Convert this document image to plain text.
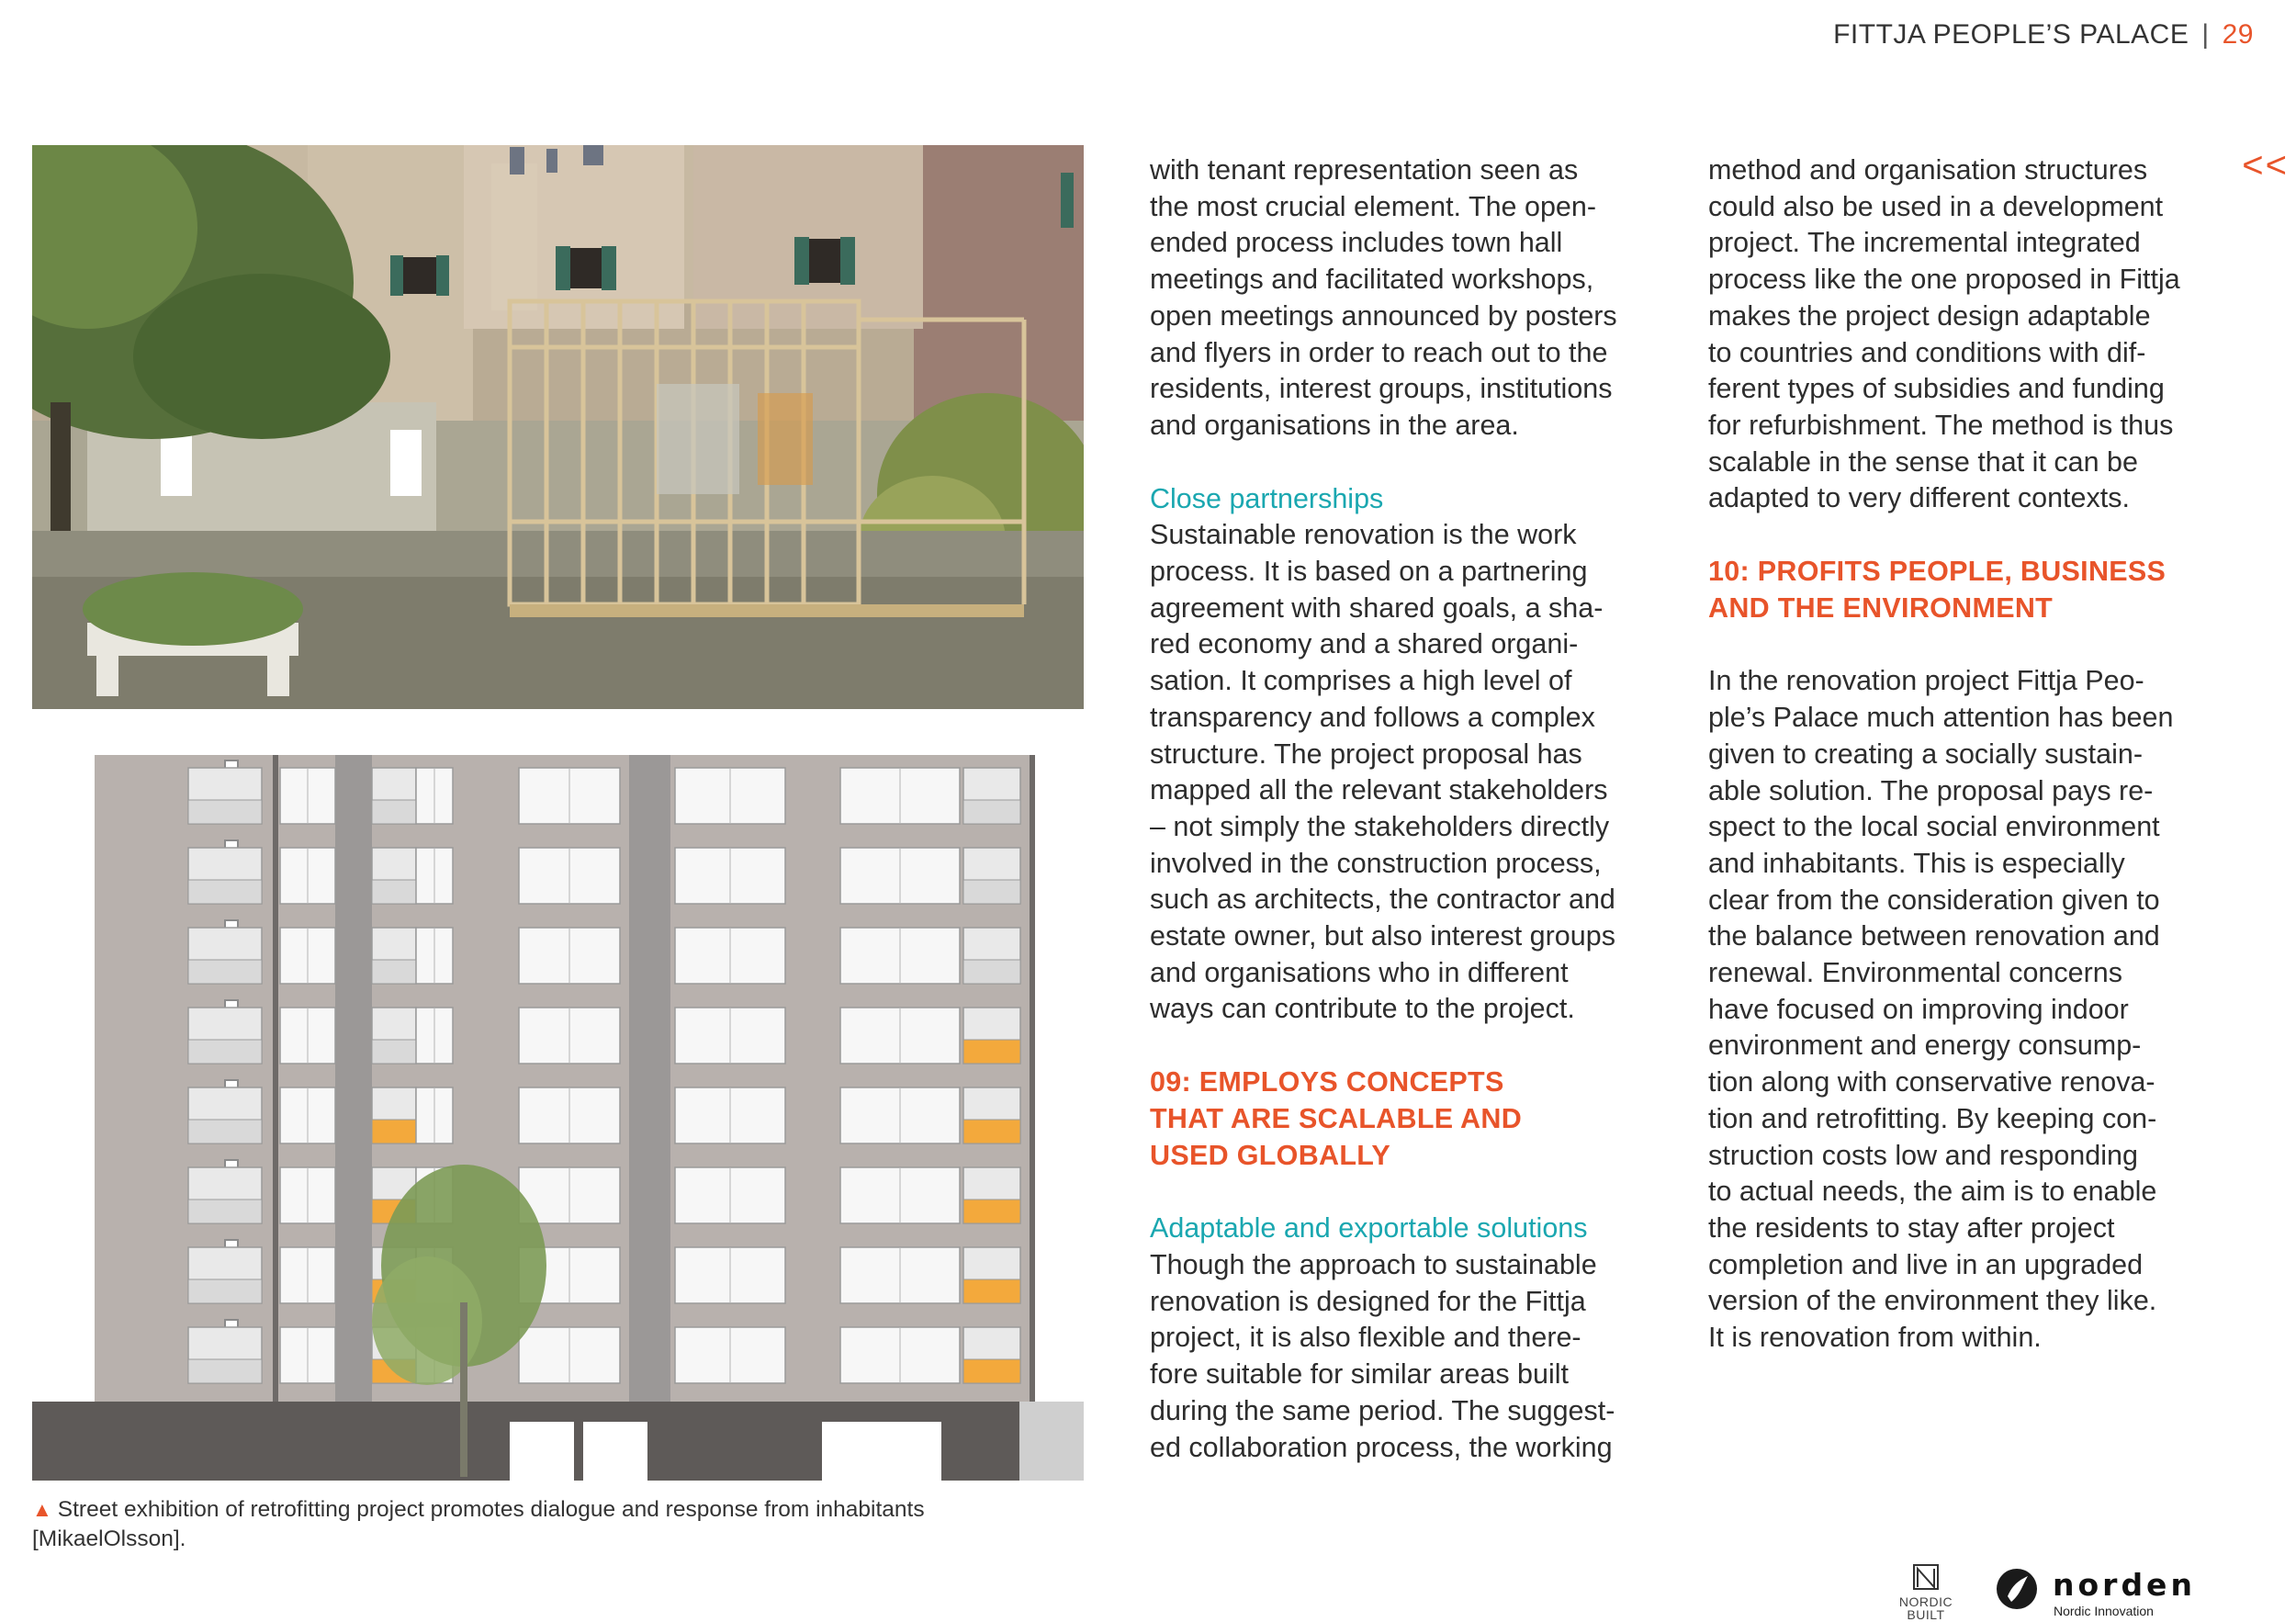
FITTJA PEOPLE’S PALACE | 29
<<

with tenant representation seen as
the most crucial element. The open-
ended process includes town hall
meetings and facilitated workshops,
open meetings announced by posters
and flyers in order to reach out to the
residents, interest groups, institutions
and organisations in the area.

Close partnerships

Sustainable renovation is the work
process. It is based on a partnering
agreement with shared goals, a sha-
red economy and a shared organi-
sation. It comprises a high level of
transparency and follows a complex
structure. The project proposal has
mapped all the relevant stakeholders
– not simply the stakeholders directly
involved in the construction process,
such as architects, the contractor and
estate owner, but also interest groups
and organisations who in different
ways can contribute to the project.

09: EMPLOYS CONCEPTS
THAT ARE SCALABLE AND
USED GLOBALLY

Adaptable and exportable solutions

Though the approach to sustainable
renovation is designed for the Fittja
project, it is also flexible and there-
fore suitable for similar areas built
during the same period. The suggest-
ed collaboration process, the working

method and organisation structures
could also be used in a development
project. The incremental integrated
process like the one proposed in Fittja
makes the project design adaptable
to countries and conditions with dif-
ferent types of subsidies and funding
for refurbishment. The method is thus
scalable in the sense that it can be
adapted to very different contexts.

10: PROFITS PEOPLE, BUSINESS
AND THE ENVIRONMENT

In the renovation project Fittja Peo-
ple’s Palace much attention has been
given to creating a socially sustain-
able solution. The proposal pays re-
spect to the local social environment
and inhabitants. This is especially
clear from the consideration given to
the balance between renovation and
renewal. Environmental concerns
have focused on improving indoor
environment and energy consump-
tion along with conservative renova-
tion and retrofitting. By keeping con-
struction costs low and responding
to actual needs, the aim is to enable
the residents to stay after project
completion and live in an upgraded
version of the environment they like.
It is renovation from within.

▲ Street exhibition of retrofitting project promotes dialogue and response from inhabitants
[MikaelOlsson].
NORDIC
BUILT
norden
Nordic Innovation
